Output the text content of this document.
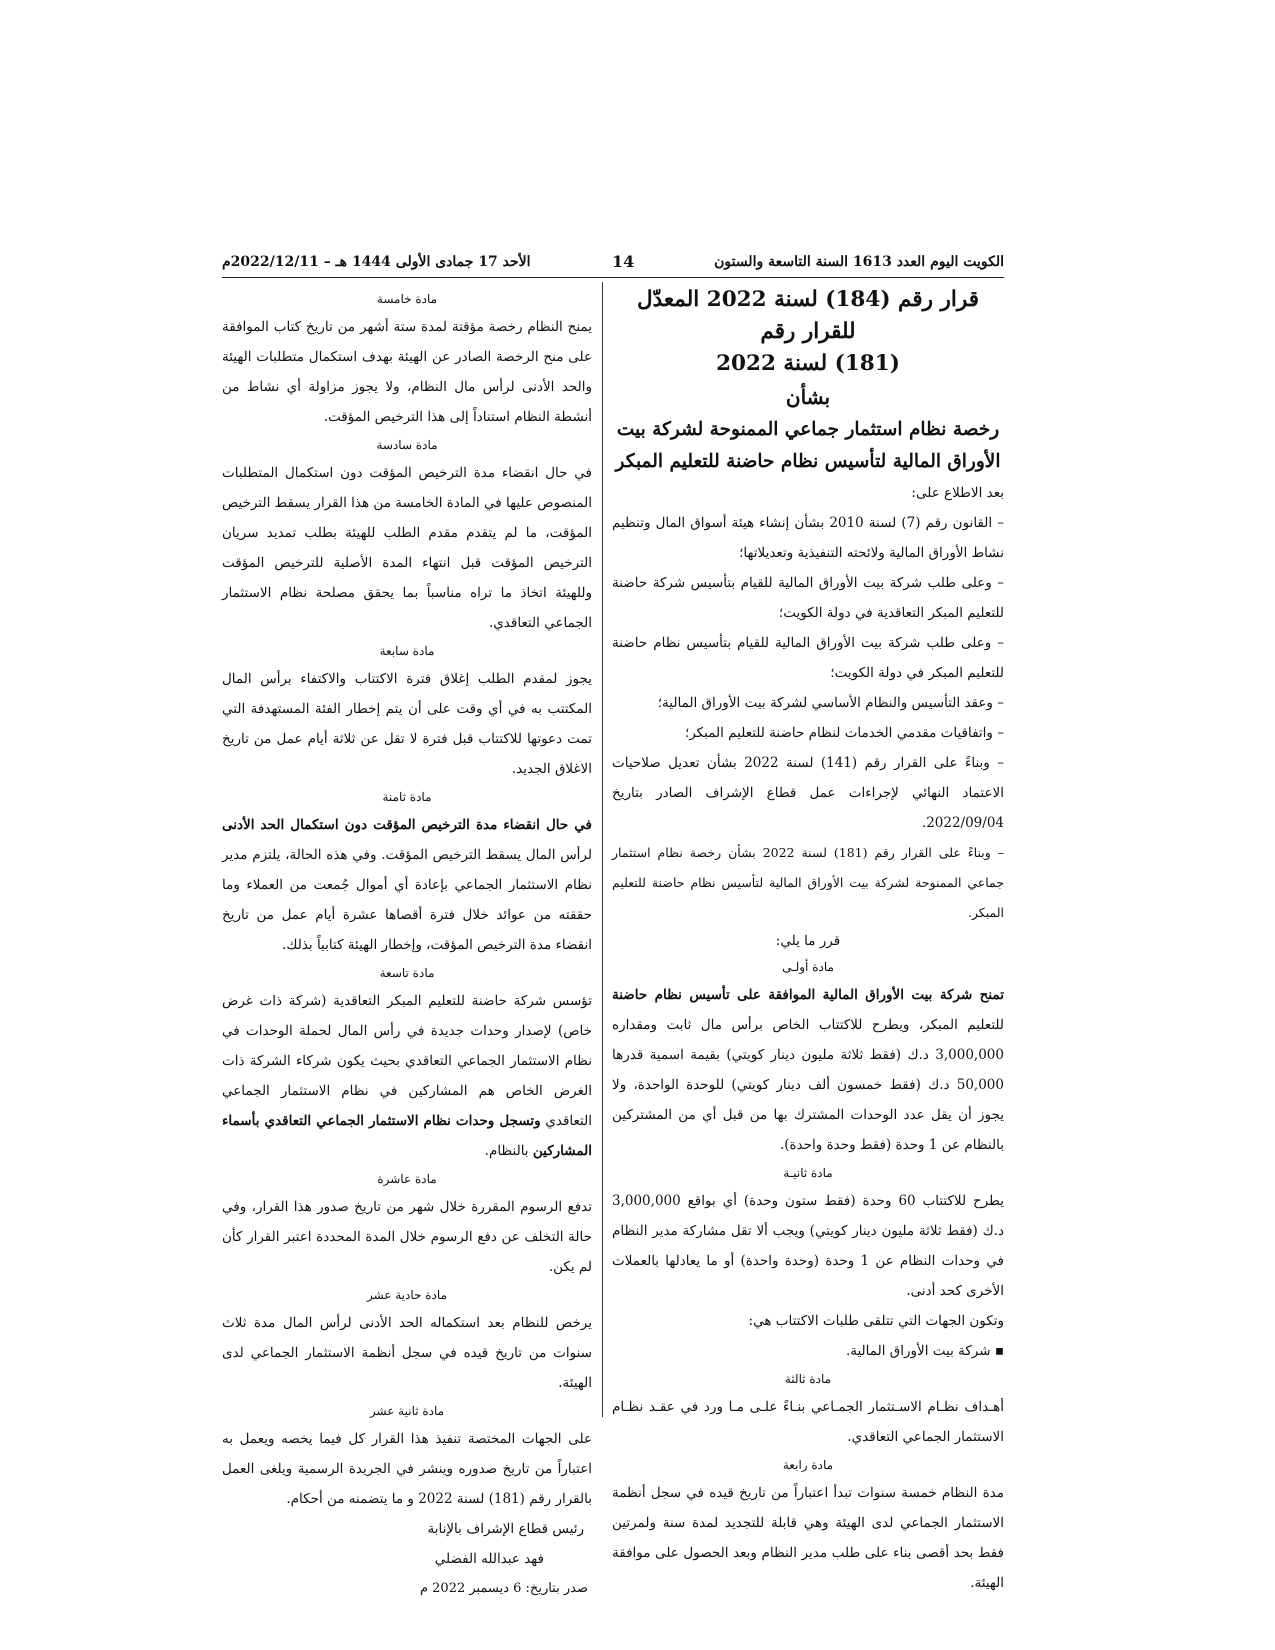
الكويت اليوم العدد 1613 السنة التاسعة والستون
14
الأحد 17 جمادى الأولى 1444 هـ – 2022/12/11م
قرار رقم (184) لسنة 2022 المعدّل للقرار رقم
(181) لسنة 2022
بشأن
رخصة نظام استثمار جماعي الممنوحة لشركة بيت
الأوراق المالية لتأسيس نظام حاضنة للتعليم المبكر

بعد الاطلاع على:

– القانون رقم (7) لسنة 2010 بشأن إنشاء هيئة أسواق المال وتنظيم نشاط الأوراق المالية ولائحته التنفيذية وتعديلاتها؛

– وعلى طلب شركة بيت الأوراق المالية للقيام بتأسيس شركة حاضنة للتعليم المبكر التعاقدية في دولة الكويت؛

– وعلى طلب شركة بيت الأوراق المالية للقيام بتأسيس نظام حاضنة للتعليم المبكر في دولة الكويت؛

– وعقد التأسيس والنظام الأساسي لشركة بيت الأوراق المالية؛

– واتفاقيات مقدمي الخدمات لنظام حاضنة للتعليم المبكر؛

– وبناءً على القرار رقم (141) لسنة 2022 بشأن تعديل صلاحيات الاعتماد النهائي لإجراءات عمل قطاع الإشراف الصادر بتاريخ 2022/09/04.

– وبناءً على القرار رقم (181) لسنة 2022 بشأن رخصة نظام استثمار جماعي الممنوحة لشركة بيت الأوراق المالية لتأسيس نظام حاضنة للتعليم المبكر.

قرر ما يلي:

مادة أولـى

تمنح شركة بيت الأوراق المالية الموافقة على تأسيس نظام حاضنة للتعليم المبكر، ويطرح للاكتتاب الخاص برأس مال ثابت ومقداره 3,000,000 د.ك (فقط ثلاثة مليون دينار كويتي) بقيمة اسمية قدرها 50,000 د.ك (فقط خمسون ألف دينار كويتي) للوحدة الواحدة، ولا يجوز أن يقل عدد الوحدات المشترك بها من قبل أي من المشتركين بالنظام عن 1 وحدة (فقط وحدة واحدة).

مادة ثانيـة

يطرح للاكتتاب 60 وحدة (فقط ستون وحدة) أي بواقع 3,000,000 د.ك (فقط ثلاثة مليون دينار كويتي) ويجب ألا تقل مشاركة مدير النظام في وحدات النظام عن 1 وحدة (وحدة واحدة) أو ما يعادلها بالعملات الأخرى كحد أدنى.

وتكون الجهات التي تتلقى طلبات الاكتتاب هي:

▪ شركة بيت الأوراق المالية.

مادة ثالثة

أهـداف نظـام الاسـتثمار الجمـاعي بنـاءً علـى مـا ورد في عقـد نظـام الاستثمار الجماعي التعاقدي.

مادة رابعة

مدة النظام خمسة سنوات تبدأ اعتباراً من تاريخ قيده في سجل أنظمة الاستثمار الجماعي لدى الهيئة وهي قابلة للتجديد لمدة سنة ولمرتين فقط بحد أقصى بناء على طلب مدير النظام وبعد الحصول على موافقة الهيئة.

مادة خامسة

يمنح النظام رخصة مؤقتة لمدة ستة أشهر من تاريخ كتاب الموافقة على منح الرخصة الصادر عن الهيئة بهدف استكمال متطلبات الهيئة والحد الأدنى لرأس مال النظام، ولا يجوز مزاولة أي نشاط من أنشطة النظام استناداً إلى هذا الترخيص المؤقت.

مادة سادسة

في حال انقضاء مدة الترخيص المؤقت دون استكمال المتطلبات المنصوص عليها في المادة الخامسة من هذا القرار يسقط الترخيص المؤقت، ما لم يتقدم مقدم الطلب للهيئة بطلب تمديد سريان الترخيص المؤقت قبل انتهاء المدة الأصلية للترخيص المؤقت وللهيئة اتخاذ ما تراه مناسباً بما يحقق مصلحة نظام الاستثمار الجماعي التعاقدي.

مادة سابعة

يجوز لمقدم الطلب إغلاق فترة الاكتتاب والاكتفاء برأس المال المكتتب به في أي وقت على أن يتم إخطار الفئة المستهدفة التي تمت دعوتها للاكتتاب قبل فترة لا تقل عن ثلاثة أيام عمل من تاريخ الاغلاق الجديد.

مادة ثامنة

في حال انقضاء مدة الترخيص المؤقت دون استكمال الحد الأدنى لرأس المال يسقط الترخيص المؤقت. وفي هذه الحالة، يلتزم مدير نظام الاستثمار الجماعي بإعادة أي أموال جُمعت من العملاء وما حققته من عوائد خلال فترة أقصاها عشرة أيام عمل من تاريخ انقضاء مدة الترخيص المؤقت، وإخطار الهيئة كتابياً بذلك.

مادة تاسعة

تؤسس شركة حاضنة للتعليم المبكر التعاقدية (شركة ذات غرض خاص) لإصدار وحدات جديدة في رأس المال لحملة الوحدات في نظام الاستثمار الجماعي التعاقدي بحيث يكون شركاء الشركة ذات الغرض الخاص هم المشاركين في نظام الاستثمار الجماعي التعاقدي وتسجل وحدات نظام الاستثمار الجماعي التعاقدي بأسماء المشاركين بالنظام.

مادة عاشرة

تدفع الرسوم المقررة خلال شهر من تاريخ صدور هذا القرار، وفي حالة التخلف عن دفع الرسوم خلال المدة المحددة اعتبر القرار كأن لم يكن.

مادة حادية عشر

يرخص للنظام بعد استكماله الحد الأدنى لرأس المال مدة ثلاث سنوات من تاريخ قيده في سجل أنظمة الاستثمار الجماعي لدى الهيئة.

مادة ثانية عشر

على الجهات المختصة تنفيذ هذا القرار كل فيما يخصه ويعمل به اعتباراً من تاريخ صدوره وينشر في الجريدة الرسمية ويلغى العمل بالقرار رقم (181) لسنة 2022 و ما يتضمنه من أحكام.

رئيس قطاع الإشراف بالإنابة

فهد عبدالله الفضلي

صدر بتاريخ: 6 ديسمبر 2022 م
